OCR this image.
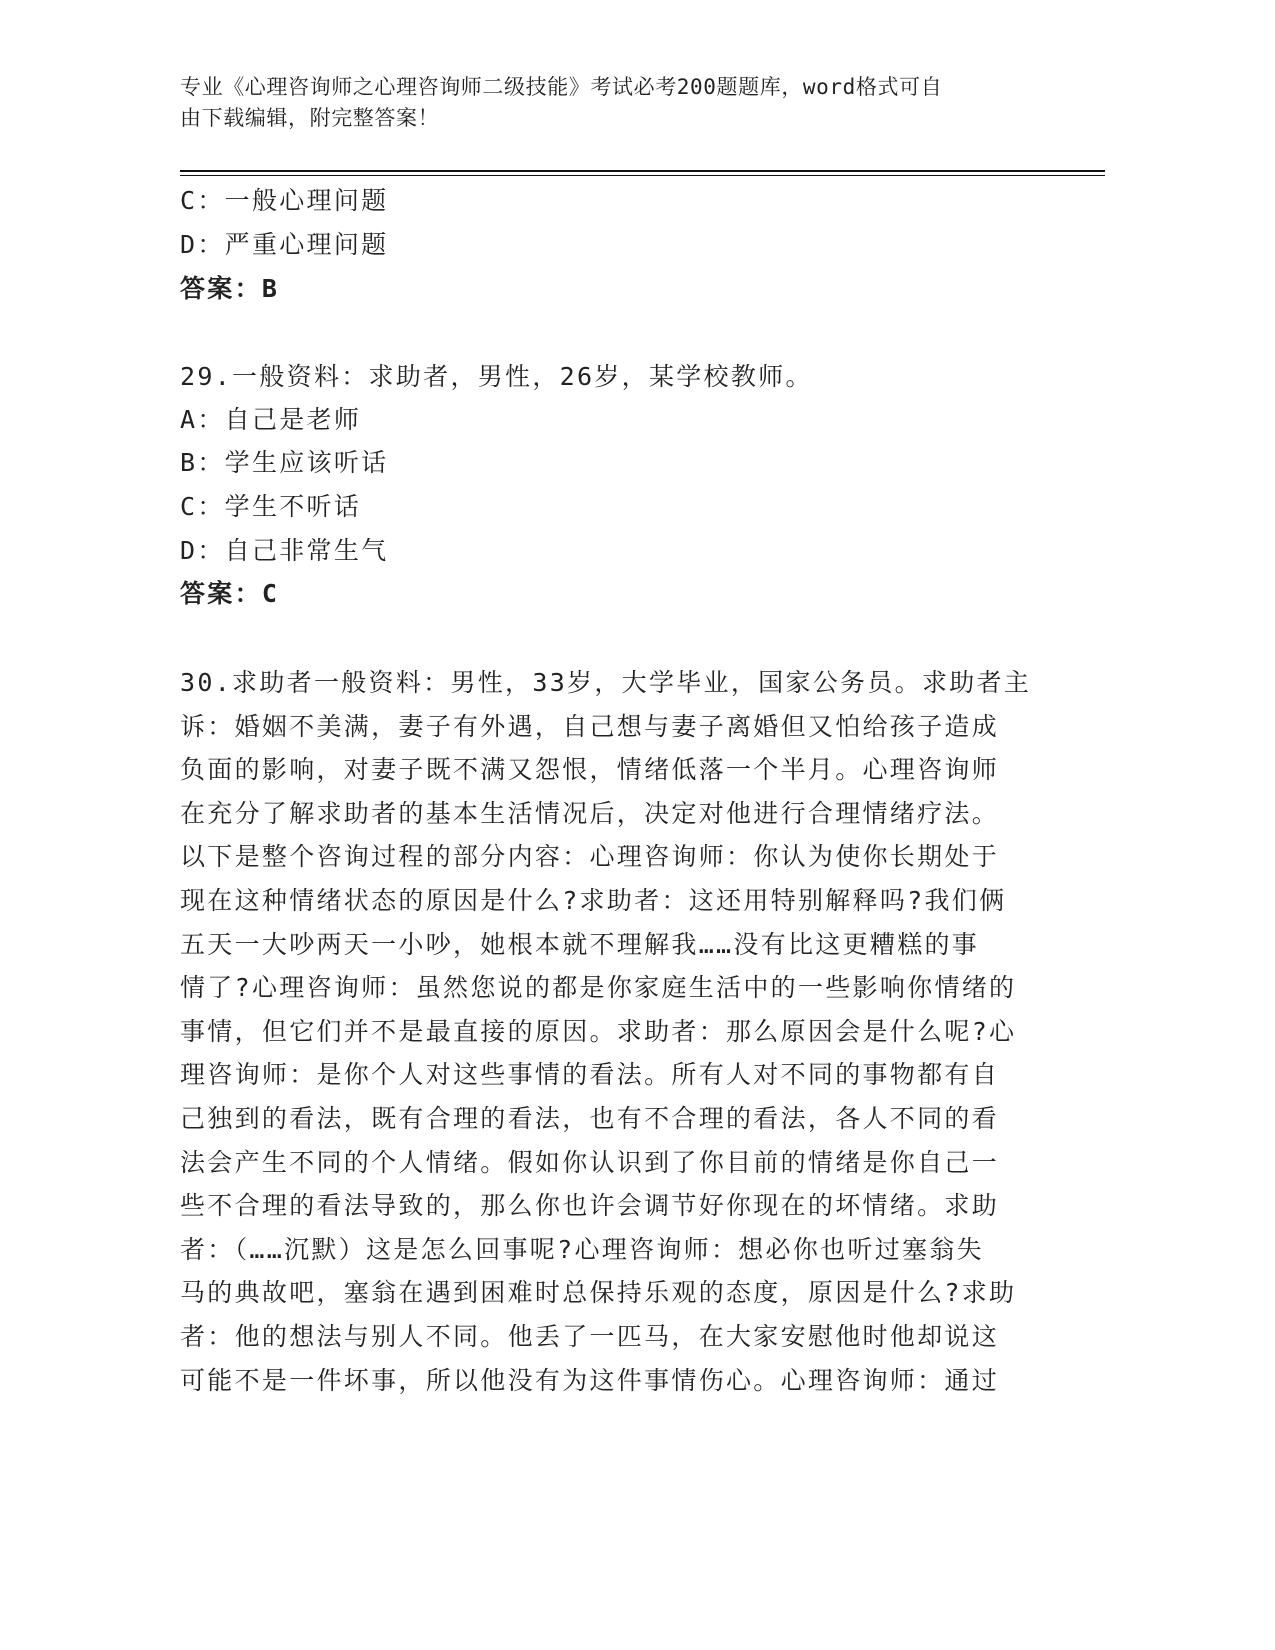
专业《心理咨询师之心理咨询师二级技能》考试必考200题题库，word格式可自
由下载编辑，附完整答案！
C：一般心理问题
D：严重心理问题
答案：B
29.一般资料：求助者，男性，26岁，某学校教师。
A：自己是老师
B：学生应该听话
C：学生不听话
D：自己非常生气
答案：C
30.求助者一般资料：男性，33岁，大学毕业，国家公务员。求助者主
诉：婚姻不美满，妻子有外遇，自己想与妻子离婚但又怕给孩子造成
负面的影响，对妻子既不满又怨恨，情绪低落一个半月。心理咨询师
在充分了解求助者的基本生活情况后，决定对他进行合理情绪疗法。
以下是整个咨询过程的部分内容：心理咨询师：你认为使你长期处于
现在这种情绪状态的原因是什么?求助者：这还用特别解释吗?我们俩
五天一大吵两天一小吵，她根本就不理解我……没有比这更糟糕的事
情了?心理咨询师：虽然您说的都是你家庭生活中的一些影响你情绪的
事情，但它们并不是最直接的原因。求助者：那么原因会是什么呢?心
理咨询师：是你个人对这些事情的看法。所有人对不同的事物都有自
己独到的看法，既有合理的看法，也有不合理的看法，各人不同的看
法会产生不同的个人情绪。假如你认识到了你目前的情绪是你自己一
些不合理的看法导致的，那么你也许会调节好你现在的坏情绪。求助
者：（……沉默）这是怎么回事呢?心理咨询师：想必你也听过塞翁失
马的典故吧，塞翁在遇到困难时总保持乐观的态度，原因是什么?求助
者：他的想法与别人不同。他丢了一匹马，在大家安慰他时他却说这
可能不是一件坏事，所以他没有为这件事情伤心。心理咨询师：通过
